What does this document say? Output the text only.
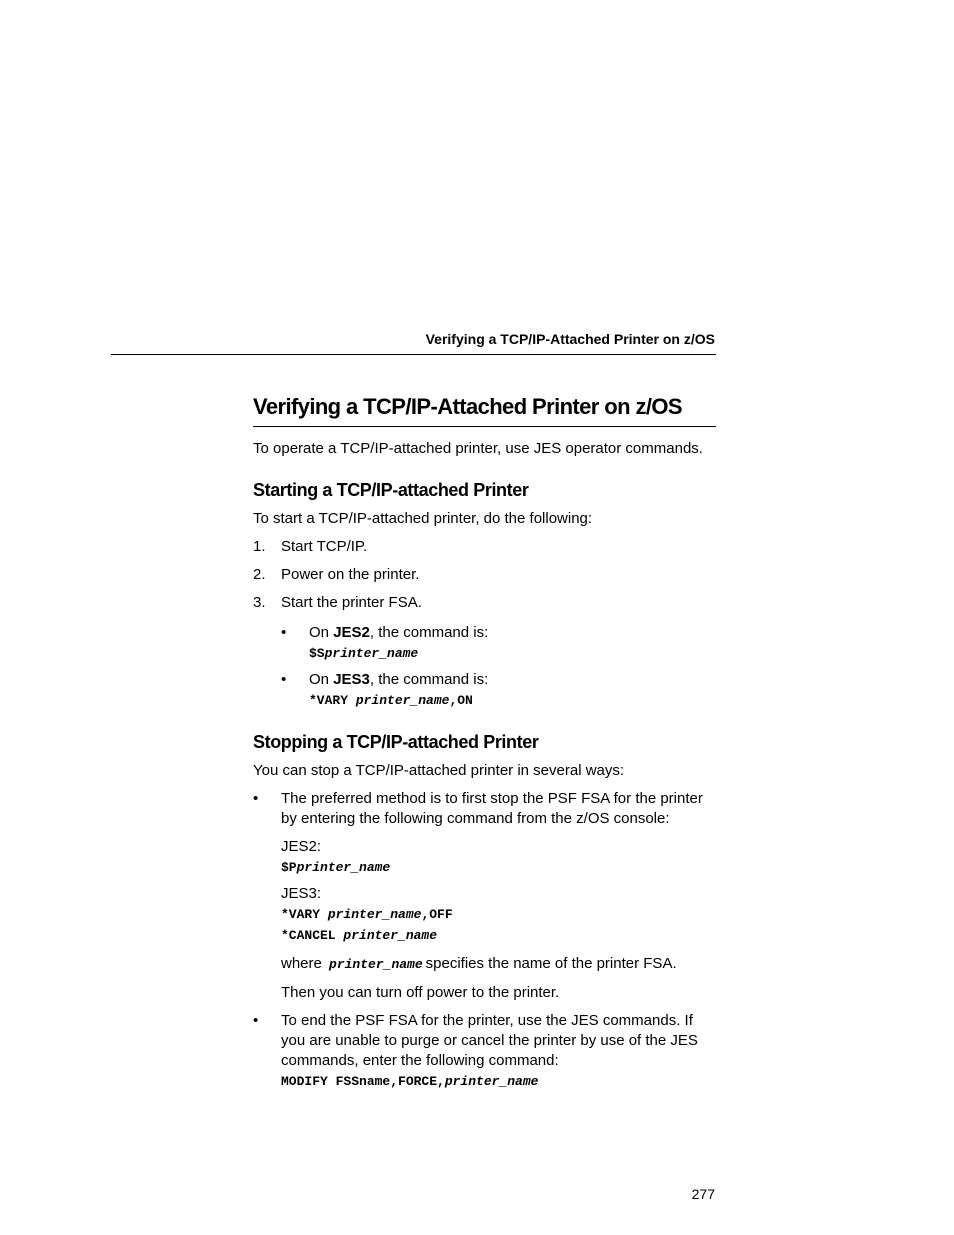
Verifying a TCP/IP-Attached Printer on z/OS
Verifying a TCP/IP-Attached Printer on z/OS

To operate a TCP/IP-attached printer, use JES operator commands.

Starting a TCP/IP-attached Printer

To start a TCP/IP-attached printer, do the following:

1. Start TCP/IP.
2. Power on the printer.
3. Start the printer FSA.
• On JES2, the command is:
$Sprinter_name
• On JES3, the command is:
*VARY printer_name,ON
Stopping a TCP/IP-attached Printer

You can stop a TCP/IP-attached printer in several ways:

• The preferred method is to first stop the PSF FSA for the printer by entering the following command from the z/OS console:

JES2:
$Pprinter_name
JES3:
*VARY printer_name,OFF
*CANCEL printer_name

where printer_name specifies the name of the printer FSA.

Then you can turn off power to the printer.

• To end the PSF FSA for the printer, use the JES commands. If you are unable to purge or cancel the printer by use of the JES commands, enter the following command:

MODIFY FSSname,FORCE,printer_name
277
